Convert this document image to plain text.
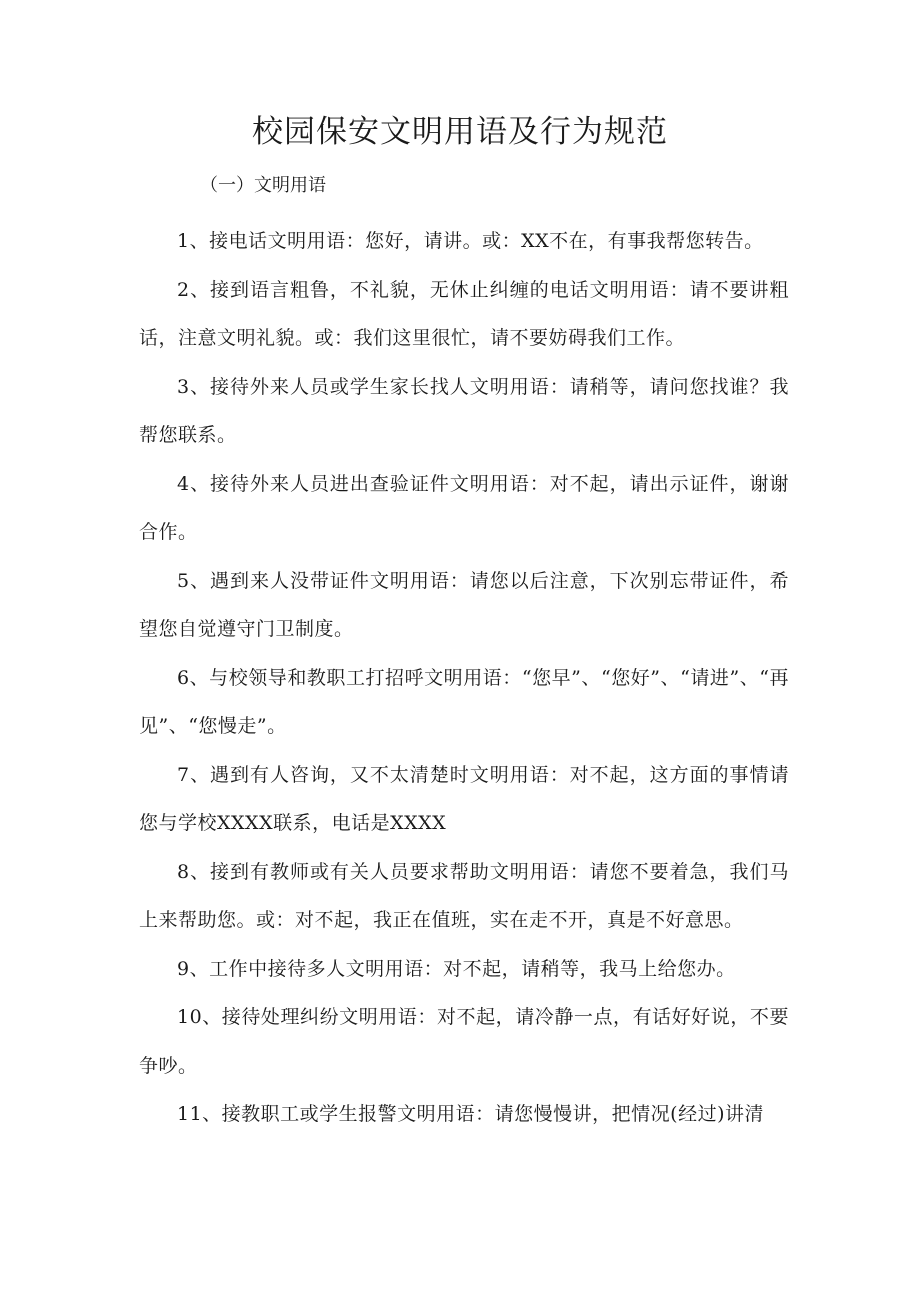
校园保安文明用语及行为规范
（一）文明用语

1、接电话文明用语：您好，请讲。或：XX不在，有事我帮您转告。

2、接到语言粗鲁，不礼貌，无休止纠缠的电话文明用语：请不要讲粗话，注意文明礼貌。或：我们这里很忙，请不要妨碍我们工作。

3、接待外来人员或学生家长找人文明用语：请稍等，请问您找谁？我帮您联系。

4、接待外来人员进出查验证件文明用语：对不起，请出示证件，谢谢合作。

5、遇到来人没带证件文明用语：请您以后注意，下次别忘带证件，希望您自觉遵守门卫制度。

6、与校领导和教职工打招呼文明用语：“您早”、“您好”、“请进”、“再见”、“您慢走”。

7、遇到有人咨询，又不太清楚时文明用语：对不起，这方面的事情请您与学校XXXX联系，电话是XXXX

8、接到有教师或有关人员要求帮助文明用语：请您不要着急，我们马上来帮助您。或：对不起，我正在值班，实在走不开，真是不好意思。

9、工作中接待多人文明用语：对不起，请稍等，我马上给您办。

10、接待处理纠纷文明用语：对不起，请冷静一点，有话好好说，不要争吵。

11、接教职工或学生报警文明用语：请您慢慢讲，把情况(经过)讲清
